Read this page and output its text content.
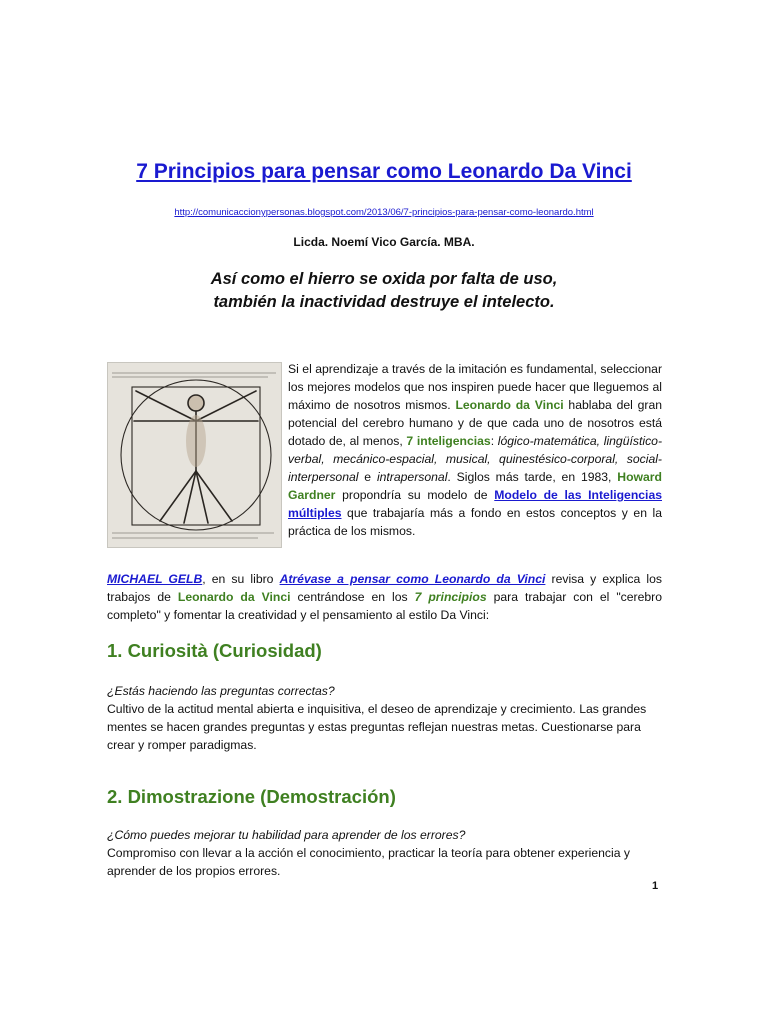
7 Principios para pensar como Leonardo Da Vinci
http://comunicaccionypersonas.blogspot.com/2013/06/7-principios-para-pensar-como-leonardo.html
Licda. Noemí Vico García. MBA.
Así como el hierro se oxida por falta de uso,
también la inactividad destruye el intelecto.

Si el aprendizaje a través de la imitación es fundamental, seleccionar los mejores modelos que nos inspiren puede hacer que lleguemos al máximo de nosotros mismos. Leonardo da Vinci hablaba del gran potencial del cerebro humano y de que cada uno de nosotros está dotado de, al menos, 7 inteligencias: lógico-matemática, lingüístico-verbal, mecánico-espacial, musical, quinestésico-corporal, social-interpersonal e intrapersonal. Siglos más tarde, en 1983, Howard Gardner propondría su modelo de Modelo de las Inteligencias múltiples que trabajaría más a fondo en estos conceptos y en la práctica de los mismos.

MICHAEL GELB, en su libro Atrévase a pensar como Leonardo da Vinci revisa y explica los trabajos de Leonardo da Vinci centrándose en los 7 principios para trabajar con el "cerebro completo" y fomentar la creatividad y el pensamiento al estilo Da Vinci:

1. Curiosità (Curiosidad)
¿Estás haciendo las preguntas correctas?
Cultivo de la actitud mental abierta e inquisitiva, el deseo de aprendizaje y crecimiento. Las grandes mentes se hacen grandes preguntas y estas preguntas reflejan nuestras metas. Cuestionarse para crear y romper paradigmas.
2. Dimostrazione (Demostración)
¿Cómo puedes mejorar tu habilidad para aprender de los errores?
Compromiso con llevar a la acción el conocimiento, practicar la teoría para obtener experiencia y aprender de los propios errores.
1
